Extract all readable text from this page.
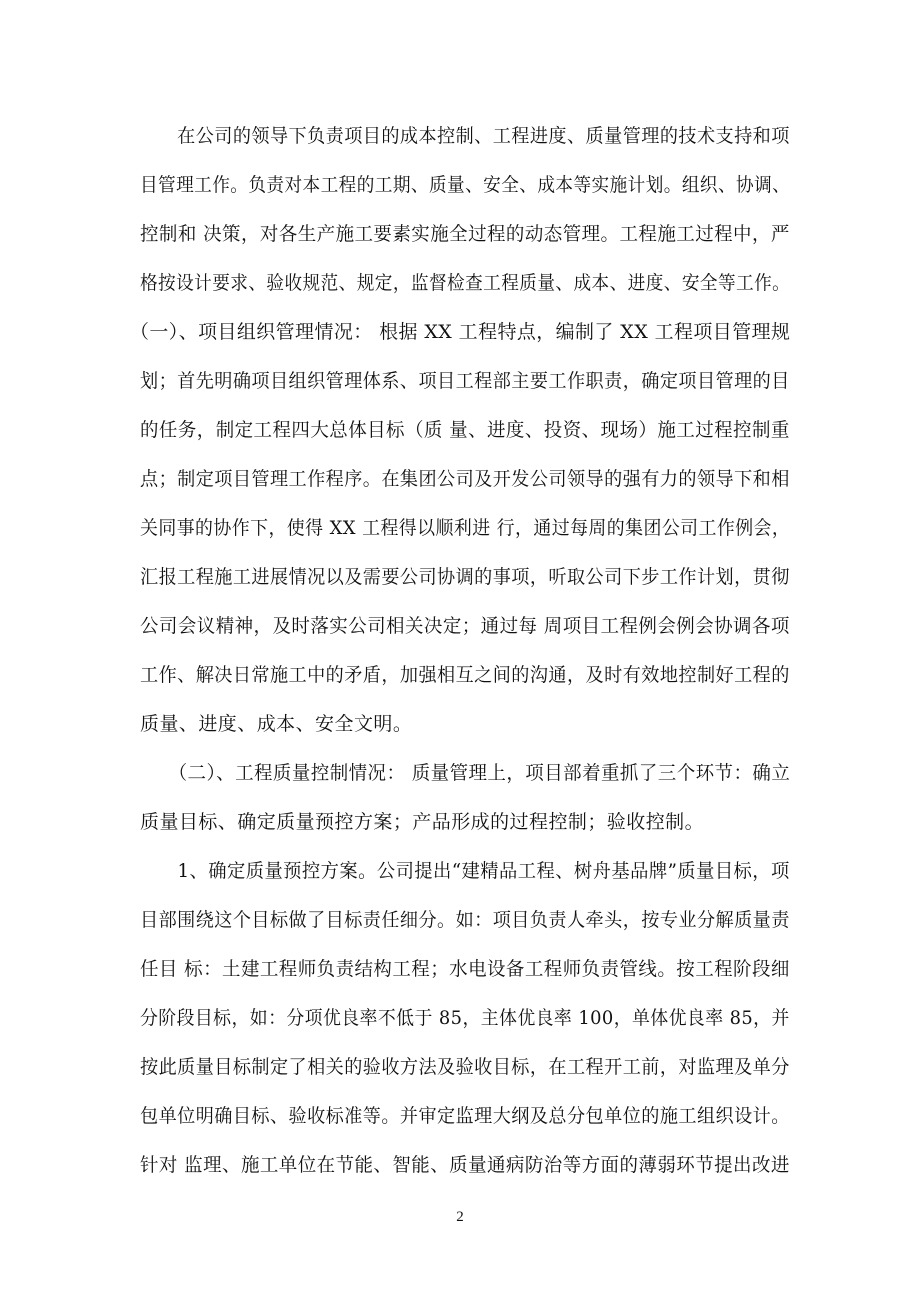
　　在公司的领导下负责项目的成本控制、工程进度、质量管理的技术支持和项
目管理工作。负责对本工程的工期、质量、安全、成本等实施计划。组织、协调、
控制和 决策，对各生产施工要素实施全过程的动态管理。工程施工过程中，严
格按设计要求、验收规范、规定，监督检查工程质量、成本、进度、安全等工作。
（一）、项目组织管理情况： 根据 XX 工程特点，编制了 XX 工程项目管理规
划；首先明确项目组织管理体系、项目工程部主要工作职责，确定项目管理的目
的任务，制定工程四大总体目标（质 量、进度、投资、现场）施工过程控制重
点；制定项目管理工作程序。在集团公司及开发公司领导的强有力的领导下和相
关同事的协作下，使得 XX 工程得以顺利进 行，通过每周的集团公司工作例会，
汇报工程施工进展情况以及需要公司协调的事项，听取公司下步工作计划，贯彻
公司会议精神，及时落实公司相关决定；通过每 周项目工程例会例会协调各项
工作、解决日常施工中的矛盾，加强相互之间的沟通，及时有效地控制好工程的
质量、进度、成本、安全文明。
　　（二）、工程质量控制情况： 质量管理上，项目部着重抓了三个环节：确立
质量目标、确定质量预控方案；产品形成的过程控制；验收控制。
　　1、确定质量预控方案。公司提出“建精品工程、树舟基品牌”质量目标，项
目部围绕这个目标做了目标责任细分。如：项目负责人牵头，按专业分解质量责
任目 标：土建工程师负责结构工程；水电设备工程师负责管线。按工程阶段细
分阶段目标，如：分项优良率不低于 85，主体优良率 100，单体优良率 85，并
按此质量目标制定了相关的验收方法及验收目标，在工程开工前，对监理及单分
包单位明确目标、验收标准等。并审定监理大纲及总分包单位的施工组织设计。
针对 监理、施工单位在节能、智能、质量通病防治等方面的薄弱环节提出改进
2
